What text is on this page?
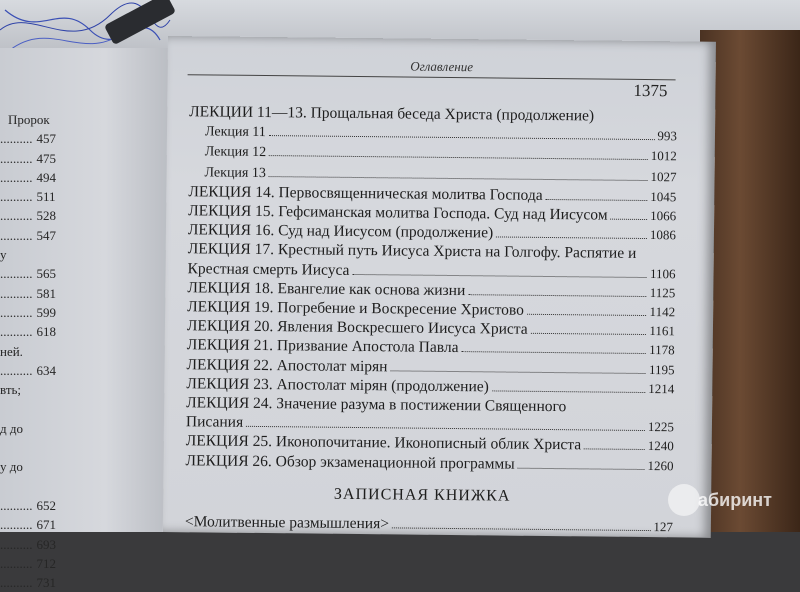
Пророк
.......... 457
.......... 475
.......... 494
.......... 511
.......... 528
.......... 547
у
.......... 565
.......... 581
.......... 599
.......... 618
ней.
.......... 634
вть;
д до
у до
.......... 652
.......... 671
.......... 693
.......... 712
.......... 731
Оглавление
1375
ЛЕКЦИИ 11—13. Прощальная беседа Христа (продолжение)
Лекция 11	993
Лекция 12	1012
Лекция 13	1027
ЛЕКЦИЯ 14. Первосвященническая молитва Господа	1045
ЛЕКЦИЯ 15. Гефсиманская молитва Господа. Суд над Иисусом	1066
ЛЕКЦИЯ 16. Суд над Иисусом (продолжение)	1086
ЛЕКЦИЯ 17. Крестный путь Иисуса Христа на Голгофу. Распятие и
Крестная смерть Иисуса	1106
ЛЕКЦИЯ 18. Евангелие как основа жизни	1125
ЛЕКЦИЯ 19. Погребение и Воскресение Христово	1142
ЛЕКЦИЯ 20. Явления Воскресшего Иисуса Христа	1161
ЛЕКЦИЯ 21. Призвание Апостола Павла	1178
ЛЕКЦИЯ 22. Апостолат мірян	1195
ЛЕКЦИЯ 23. Апостолат мірян (продолжение)	1214
ЛЕКЦИЯ 24. Значение разума в постижении Священного
Писания	1225
ЛЕКЦИЯ 25. Иконопочитание. Иконописный облик Христа	1240
ЛЕКЦИЯ 26. Обзор экзаменационной программы	1260
ЗАПИСНАЯ КНИЖКА
<Молитвенные размышления>	127
абиринт
